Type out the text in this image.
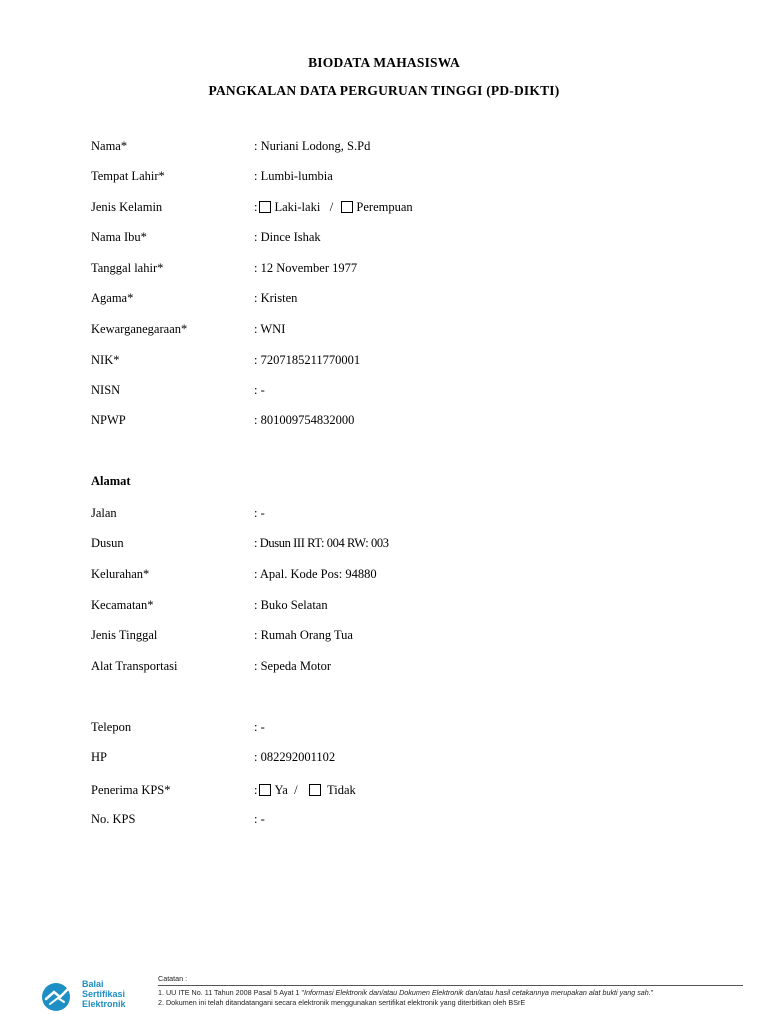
BIODATA MAHASISWA
PANGKALAN DATA PERGURUAN TINGGI (PD-DIKTI)
Nama*	: Nuriani Lodong, S.Pd
Tempat Lahir*	: Lumbi-lumbia
Jenis Kelamin	: Laki-laki / Perempuan
Nama Ibu*	: Dince Ishak
Tanggal lahir*	: 12 November 1977
Agama*	: Kristen
Kewarganegaraan*	: WNI
NIK*	: 7207185211770001
NISN	: -
NPWP	: 801009754832000
Alamat
Jalan	: -
Dusun	: Dusun III RT: 004 RW: 003
Kelurahan*	: Apal. Kode Pos: 94880
Kecamatan*	: Buko Selatan
Jenis Tinggal	: Rumah Orang Tua
Alat Transportasi	: Sepeda Motor
Telepon	: -
HP	: 082292001102
Penerima KPS*	: Ya / Tidak
No. KPS	: -
Balai
Sertifikasi
Elektronik
Catatan :
1. UU ITE No. 11 Tahun 2008 Pasal 5 Ayat 1 "Informasi Elektronik dan/atau Dokumen Elektronik dan/atau hasil cetakannya merupakan alat bukti yang sah."
2. Dokumen ini telah ditandatangani secara elektronik menggunakan sertifikat elektronik yang diterbitkan oleh BSrE
